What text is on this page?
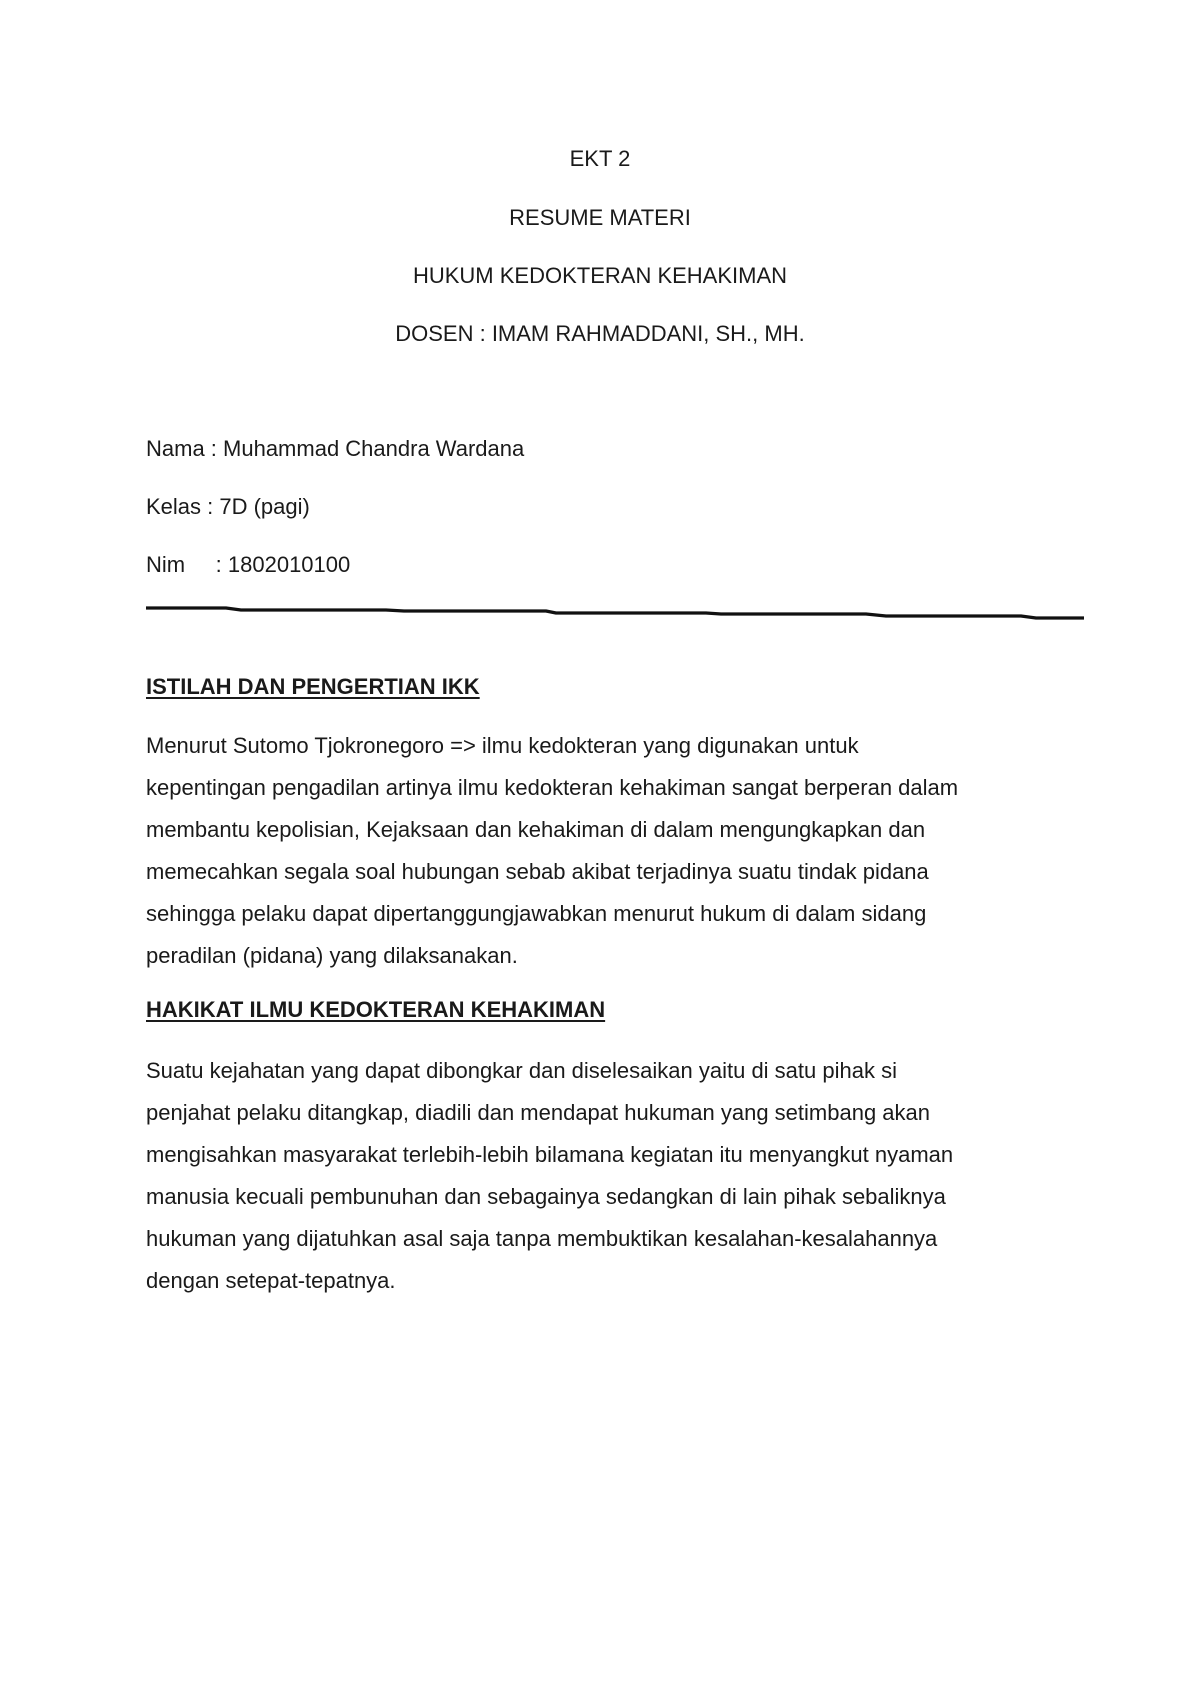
EKT 2
RESUME MATERI
HUKUM KEDOKTERAN KEHAKIMAN
DOSEN : IMAM RAHMADDANI, SH., MH.
Nama : Muhammad Chandra Wardana
Kelas : 7D (pagi)
Nim     : 1802010100
ISTILAH DAN PENGERTIAN IKK
Menurut Sutomo Tjokronegoro => ilmu kedokteran yang digunakan untuk
kepentingan pengadilan artinya ilmu kedokteran kehakiman sangat berperan dalam
membantu kepolisian, Kejaksaan dan kehakiman di dalam mengungkapkan dan
memecahkan segala soal hubungan sebab akibat terjadinya suatu tindak pidana
sehingga pelaku dapat dipertanggungjawabkan menurut hukum di dalam sidang
peradilan (pidana) yang dilaksanakan.
HAKIKAT ILMU KEDOKTERAN KEHAKIMAN
Suatu kejahatan yang dapat dibongkar dan diselesaikan yaitu di satu pihak si
penjahat pelaku ditangkap, diadili dan mendapat hukuman yang setimbang akan
mengisahkan masyarakat terlebih-lebih bilamana kegiatan itu menyangkut nyaman
manusia kecuali pembunuhan dan sebagainya sedangkan di lain pihak sebaliknya
hukuman yang dijatuhkan asal saja tanpa membuktikan kesalahan-kesalahannya
dengan setepat-tepatnya.
